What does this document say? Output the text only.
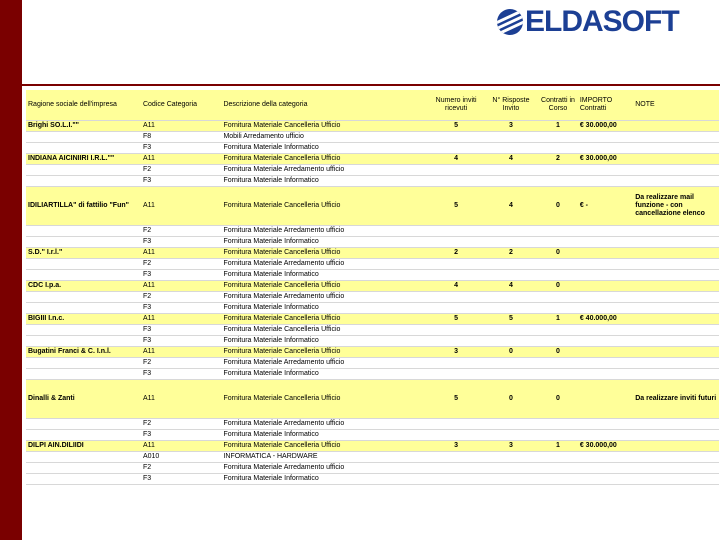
ELDASOFT
Ragione sociale dell'impresa	Codice Categoria	Descrizione della categoria	Numero inviti ricevuti	N° Risposte Invito	Contratti in Corso	IMPORTO Contratti	NOTE
Brighi SO.L.I.""	A11	Fornitura Materiale Cancelleria Ufficio	5	3	1	€ 30.000,00	
	F8	Mobili Arredamento ufficio					
	F3	Fornitura Materiale Informatico					
INDIANA AICINIIRI I.R.L.""	A11	Fornitura Materiale Cancelleria Ufficio	4	4	2	€ 30.000,00	
	F2	Fornitura Materiale Arredamento ufficio					
	F3	Fornitura Materiale Informatico					
IDILIARTILLA" di fattilio "Fun"	A11	Fornitura Materiale Cancelleria Ufficio	5	4	0	€ -	Da realizzare mail funzione - con cancellazione elenco
	F2	Fornitura Materiale Arredamento ufficio					
	F3	Fornitura Materiale Informatico					
S.D." I.r.l."	A11	Fornitura Materiale Cancelleria Ufficio	2	2	0		
	F2	Fornitura Materiale Arredamento ufficio					
	F3	Fornitura Materiale Informatico					
CDC I.p.a.	A11	Fornitura Materiale Cancelleria Ufficio	4	4	0		
	F2	Fornitura Materiale Arredamento ufficio					
	F3	Fornitura Materiale Informatico					
BIGIII I.n.c.	A11	Fornitura Materiale Cancelleria Ufficio	5	5	1	€ 40.000,00	
	F3	Fornitura Materiale Cancelleria Ufficio					
	F3	Fornitura Materiale Informatico					
Bugatini Franci & C. I.n.l.	A11	Fornitura Materiale Cancelleria Ufficio	3	0	0		
	F2	Fornitura Materiale Arredamento ufficio					
	F3	Fornitura Materiale Informatico					
Dinalli & Zanti	A11	Fornitura Materiale Cancelleria Ufficio	5	0	0		Da realizzare inviti futuri
	F2	Fornitura Materiale Arredamento ufficio					
	F3	Fornitura Materiale Informatico					
DILPI AIN.DILIIDI	A11	Fornitura Materiale Cancelleria Ufficio	3	3	1	€ 30.000,00	
	A010	INFORMATICA - HARDWARE					
	F2	Fornitura Materiale Arredamento ufficio					
	F3	Fornitura Materiale Informatico					
